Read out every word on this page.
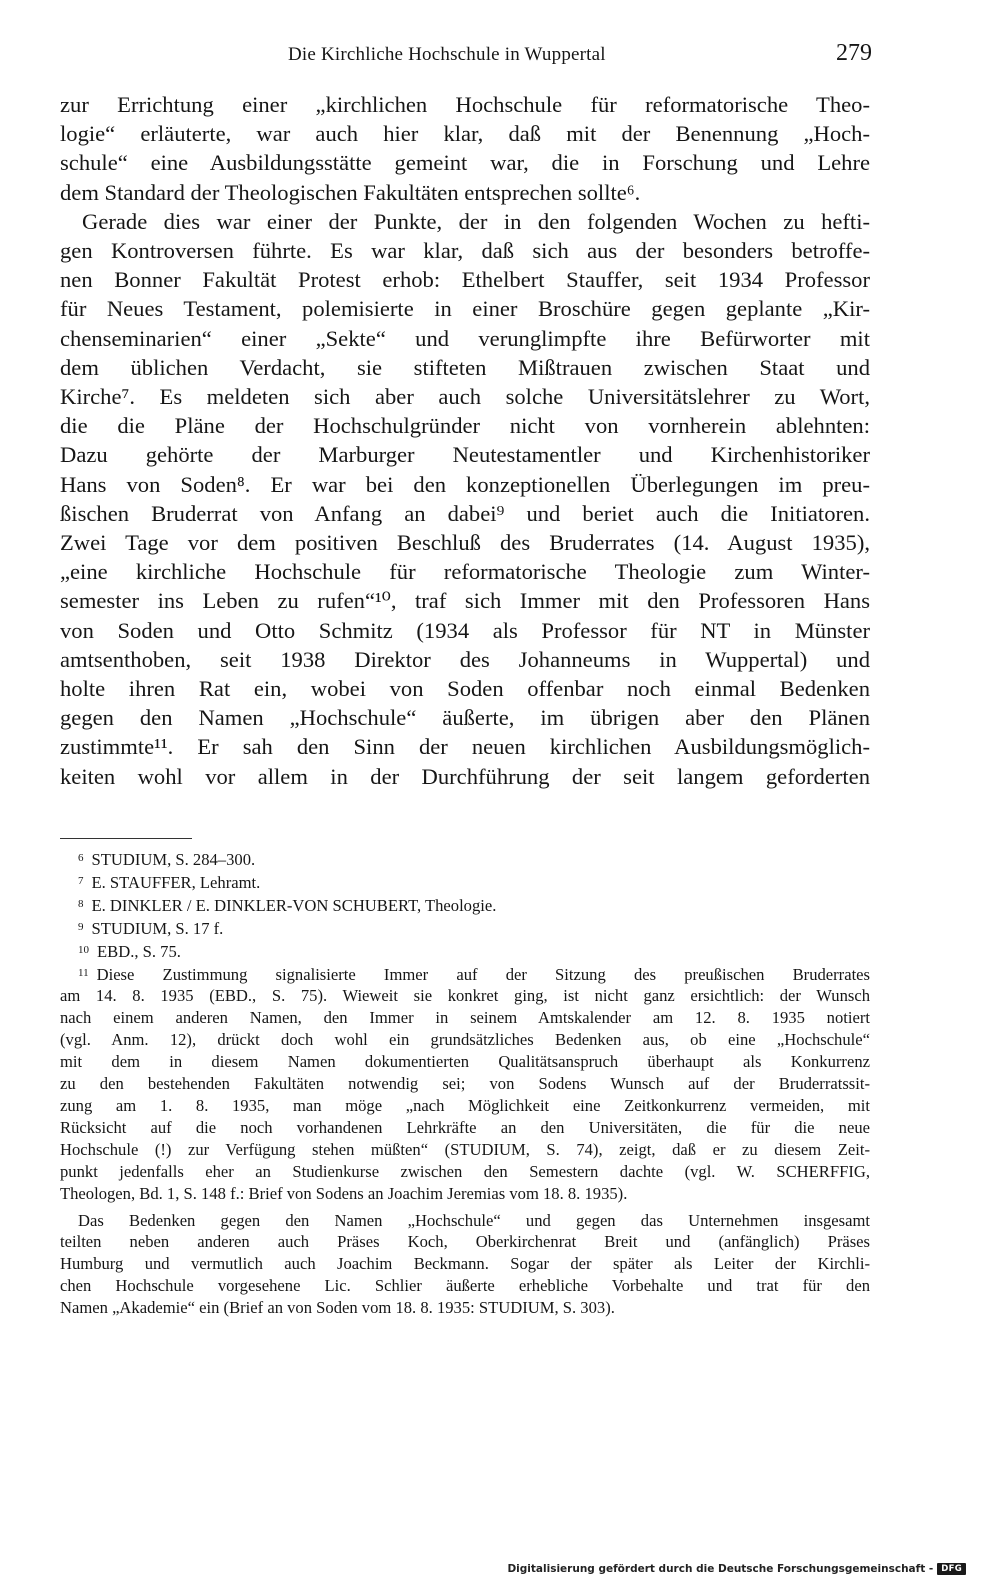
Die Kirchliche Hochschule in Wuppertal	279
zur Errichtung einer „kirchlichen Hochschule für reformatorische Theo-
logie“ erläuterte, war auch hier klar, daß mit der Benennung „Hoch-
schule“ eine Ausbildungsstätte gemeint war, die in Forschung und Lehre
dem Standard der Theologischen Fakultäten entsprechen sollte⁶.
Gerade dies war einer der Punkte, der in den folgenden Wochen zu hefti-
gen Kontroversen führte. Es war klar, daß sich aus der besonders betroffe-
nen Bonner Fakultät Protest erhob: Ethelbert Stauffer, seit 1934 Professor
für Neues Testament, polemisierte in einer Broschüre gegen geplante „Kir-
chenseminarien“ einer „Sekte“ und verunglimpfte ihre Befürworter mit
dem üblichen Verdacht, sie stifteten Mißtrauen zwischen Staat und
Kirche⁷. Es meldeten sich aber auch solche Universitätslehrer zu Wort,
die die Pläne der Hochschulgründer nicht von vornherein ablehnten:
Dazu gehörte der Marburger Neutestamentler und Kirchenhistoriker
Hans von Soden⁸. Er war bei den konzeptionellen Überlegungen im preu-
ßischen Bruderrat von Anfang an dabei⁹ und beriet auch die Initiatoren.
Zwei Tage vor dem positiven Beschluß des Bruderrates (14. August 1935),
„eine kirchliche Hochschule für reformatorische Theologie zum Winter-
semester ins Leben zu rufen“¹⁰, traf sich Immer mit den Professoren Hans
von Soden und Otto Schmitz (1934 als Professor für NT in Münster
amtsenthoben, seit 1938 Direktor des Johanneums in Wuppertal) und
holte ihren Rat ein, wobei von Soden offenbar noch einmal Bedenken
gegen den Namen „Hochschule“ äußerte, im übrigen aber den Plänen
zustimmte¹¹. Er sah den Sinn der neuen kirchlichen Ausbildungsmöglich-
keiten wohl vor allem in der Durchführung der seit langem geforderten
$^6$ STUDIUM, S. 284–300.
$^7$ E. STAUFFER, Lehramt.
$^8$ E. DINKLER / E. DINKLER-VON SCHUBERT, Theologie.
$^9$ STUDIUM, S. 17 f.
$^{10}$ EBD., S. 75.
$^{11}$ Diese Zustimmung signalisierte Immer auf der Sitzung des preußischen Bruderrates
am 14. 8. 1935 (EBD., S. 75). Wieweit sie konkret ging, ist nicht ganz ersichtlich: der Wunsch
nach einem anderen Namen, den Immer in seinem Amtskalender am 12. 8. 1935 notiert
(vgl. Anm. 12), drückt doch wohl ein grundsätzliches Bedenken aus, ob eine „Hochschule“
mit dem in diesem Namen dokumentierten Qualitätsanspruch überhaupt als Konkurrenz
zu den bestehenden Fakultäten notwendig sei; von Sodens Wunsch auf der Bruderratssit-
zung am 1. 8. 1935, man möge „nach Möglichkeit eine Zeitkonkurrenz vermeiden, mit
Rücksicht auf die noch vorhandenen Lehrkräfte an den Universitäten, die für die neue
Hochschule (!) zur Verfügung stehen müßten“ (STUDIUM, S. 74), zeigt, daß er zu diesem Zeit-
punkt jedenfalls eher an Studienkurse zwischen den Semestern dachte (vgl. W. SCHERFFIG,
Theologen, Bd. 1, S. 148 f.: Brief von Sodens an Joachim Jeremias vom 18. 8. 1935).
Das Bedenken gegen den Namen „Hochschule“ und gegen das Unternehmen insgesamt
teilten neben anderen auch Präses Koch, Oberkirchenrat Breit und (anfänglich) Präses
Humburg und vermutlich auch Joachim Beckmann. Sogar der später als Leiter der Kirchli-
chen Hochschule vorgesehene Lic. Schlier äußerte erhebliche Vorbehalte und trat für den
Namen „Akademie“ ein (Brief an von Soden vom 18. 8. 1935: STUDIUM, S. 303).
Digitalisierung gefördert durch die Deutsche Forschungsgemeinschaft - DFG
